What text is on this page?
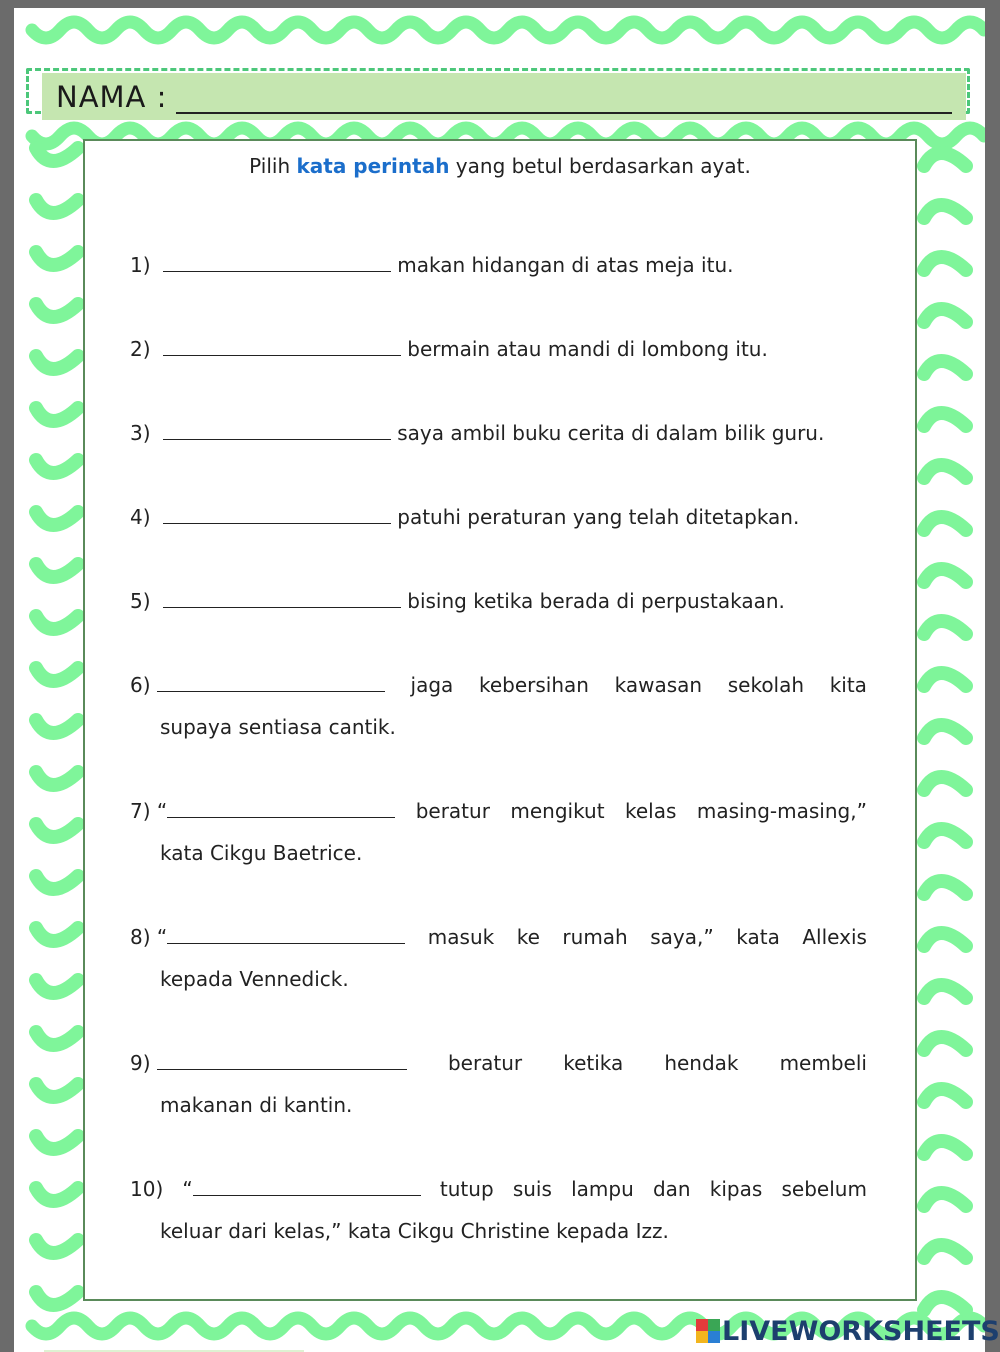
NAMA :
Pilih kata perintah yang betul berdasarkan ayat.
1)	makan hidangan di atas meja itu.
2)	bermain atau mandi di lombong itu.
3)	saya ambil buku cerita di dalam bilik guru.
4)	patuhi peraturan yang telah ditetapkan.
5)	bising ketika berada di perpustakaan.
6)	jaga kebersihan kawasan sekolah kita
supaya sentiasa cantik.
7) “	beratur mengikut kelas masing-masing,”
kata Cikgu Baetrice.
8) “	masuk ke rumah saya,” kata Allexis
kepada Vennedick.
9)	beratur ketika hendak membeli
makanan di kantin.
10) “	tutup suis lampu dan kipas sebelum
keluar dari kelas,” kata Cikgu Christine kepada Izz.
LIVEWORKSHEETS
